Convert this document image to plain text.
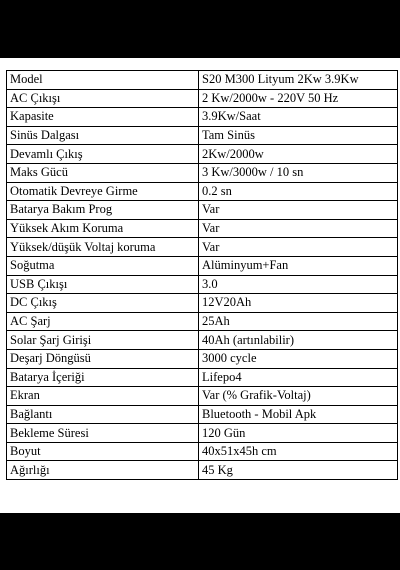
Model	S20 M300 Lityum 2Kw 3.9Kw
AC Çıkışı	2 Kw/2000w - 220V 50 Hz
Kapasite	3.9Kw/Saat
Sinüs Dalgası	Tam Sinüs
Devamlı Çıkış	2Kw/2000w
Maks Gücü	3 Kw/3000w / 10 sn
Otomatik Devreye Girme	0.2 sn
Batarya Bakım Prog	Var
Yüksek Akım Koruma	Var
Yüksek/düşük Voltaj koruma	Var
Soğutma	Alüminyum+Fan
USB Çıkışı	3.0
DC Çıkış	12V20Ah
AC Şarj	25Ah
Solar Şarj Girişi	40Ah (artınlabilir)
Deşarj Döngüsü	3000 cycle
Batarya İçeriği	Lifepo4
Ekran	Var (% Grafik-Voltaj)
Bağlantı	Bluetooth - Mobil Apk
Bekleme Süresi	120 Gün
Boyut	40x51x45h cm
Ağırlığı	45 Kg
